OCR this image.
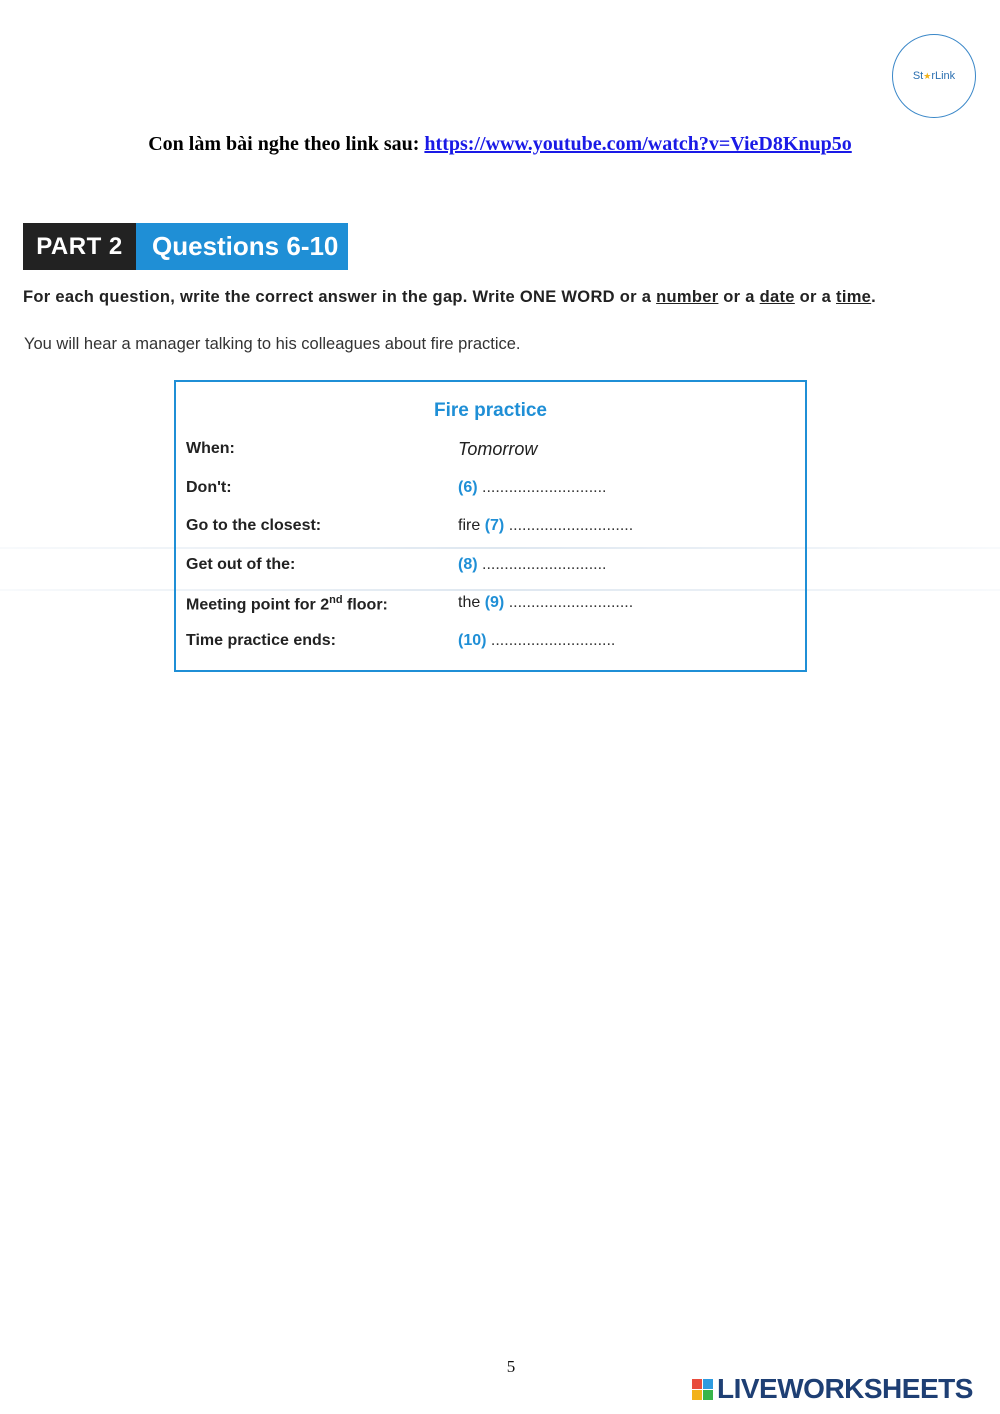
St ★ rLink
Con làm bài nghe theo link sau: https://www.youtube.com/watch?v=VieD8Knup5o
PART 2	Questions 6-10
For each question, write the correct answer in the gap. Write ONE WORD or a number or a date or a time.
You will hear a manager talking to his colleagues about fire practice.
Fire practice
When:	Tomorrow
Don't:	(6) ............................
Go to the closest:	fire (7) ............................
Get out of the:	(8) ............................
Meeting point for 2nd floor:	the (9) ............................
Time practice ends:	(10) ............................
5
LIVEWORKSHEETS
